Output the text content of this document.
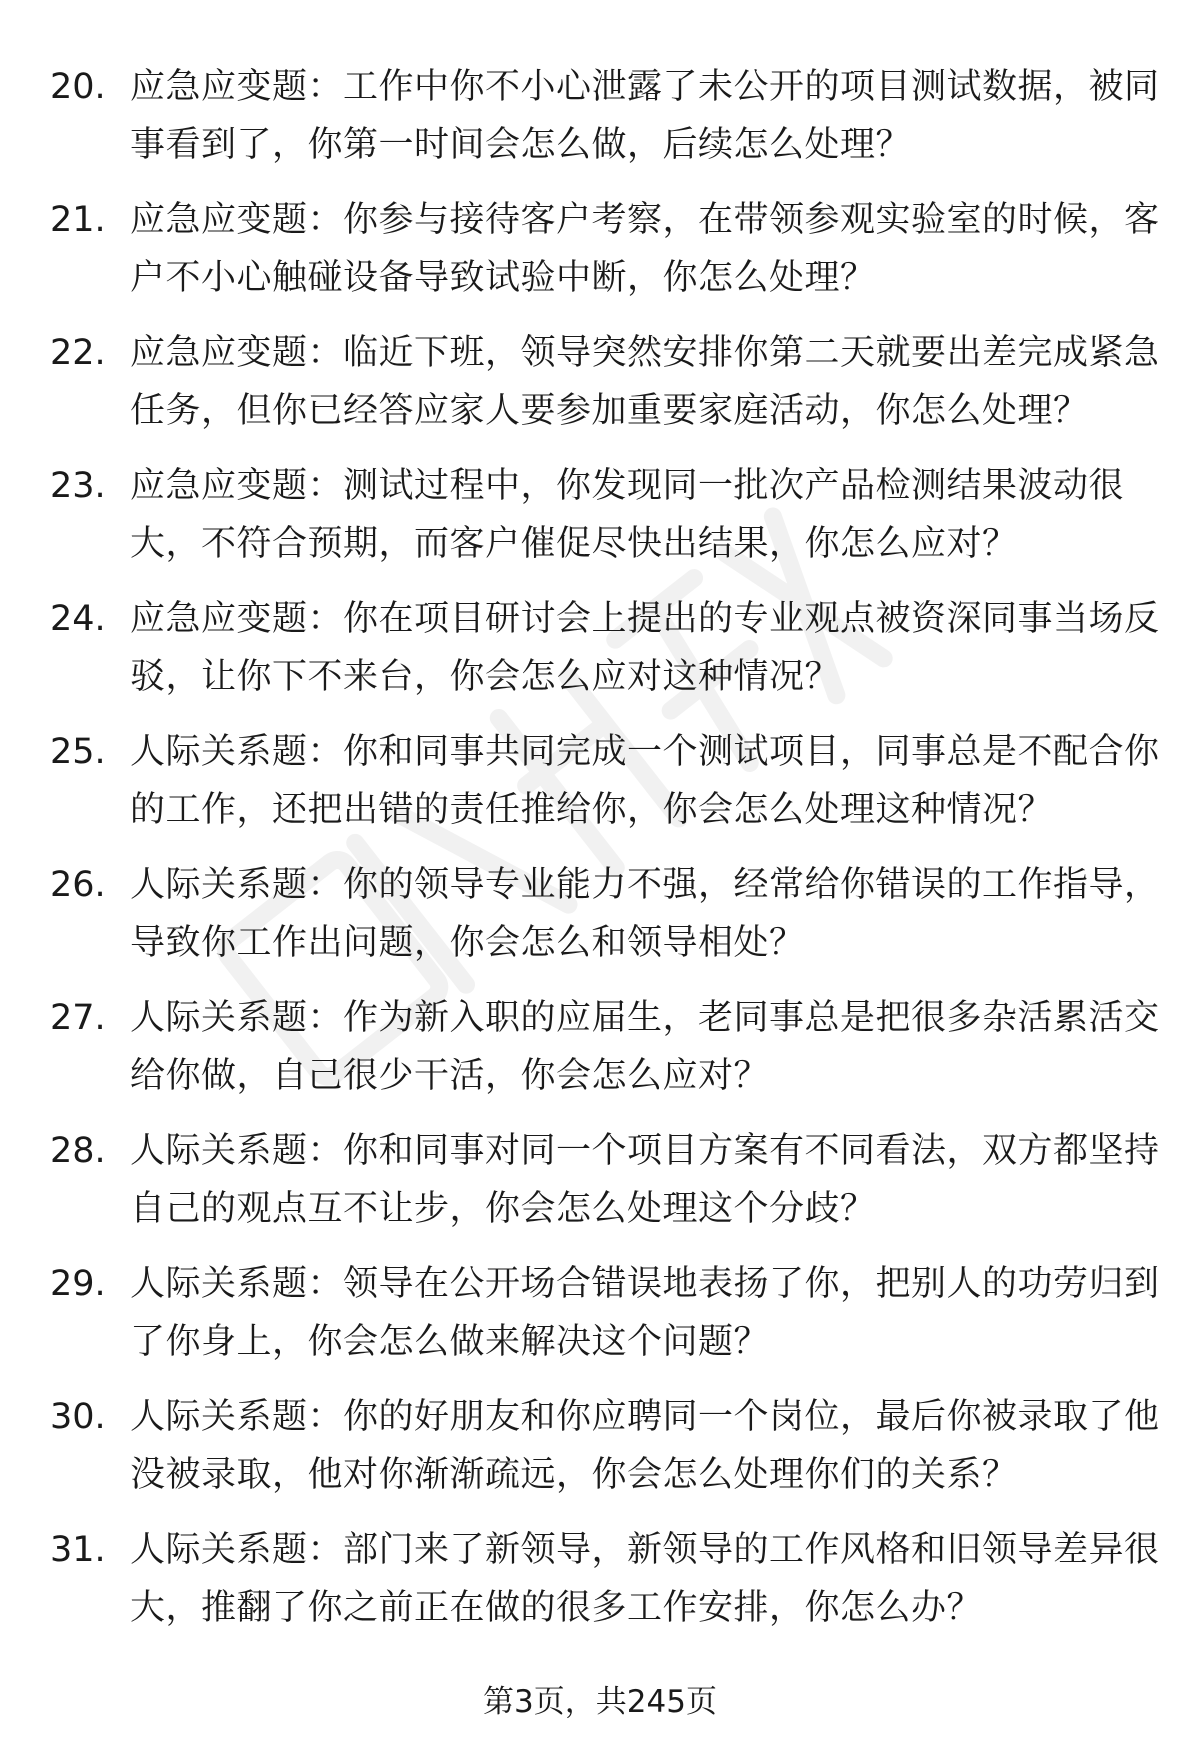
20. 应急应变题：工作中你不小心泄露了未公开的项目测试数据，被同事看到了，你第一时间会怎么做，后续怎么处理？
21. 应急应变题：你参与接待客户考察，在带领参观实验室的时候，客户不小心触碰设备导致试验中断，你怎么处理？
22. 应急应变题：临近下班，领导突然安排你第二天就要出差完成紧急任务，但你已经答应家人要参加重要家庭活动，你怎么处理？
23. 应急应变题：测试过程中，你发现同一批次产品检测结果波动很大，不符合预期，而客户催促尽快出结果，你怎么应对？
24. 应急应变题：你在项目研讨会上提出的专业观点被资深同事当场反驳，让你下不来台，你会怎么应对这种情况？
25. 人际关系题：你和同事共同完成一个测试项目，同事总是不配合你的工作，还把出错的责任推给你，你会怎么处理这种情况？
26. 人际关系题：你的领导专业能力不强，经常给你错误的工作指导，导致你工作出问题，你会怎么和领导相处？
27. 人际关系题：作为新入职的应届生，老同事总是把很多杂活累活交给你做，自己很少干活，你会怎么应对？
28. 人际关系题：你和同事对同一个项目方案有不同看法，双方都坚持自己的观点互不让步，你会怎么处理这个分歧？
29. 人际关系题：领导在公开场合错误地表扬了你，把别人的功劳归到了你身上，你会怎么做来解决这个问题？
30. 人际关系题：你的好朋友和你应聘同一个岗位，最后你被录取了他没被录取，他对你渐渐疏远，你会怎么处理你们的关系？
31. 人际关系题：部门来了新领导，新领导的工作风格和旧领导差异很大，推翻了你之前正在做的很多工作安排，你怎么办？
第3页，共245页
